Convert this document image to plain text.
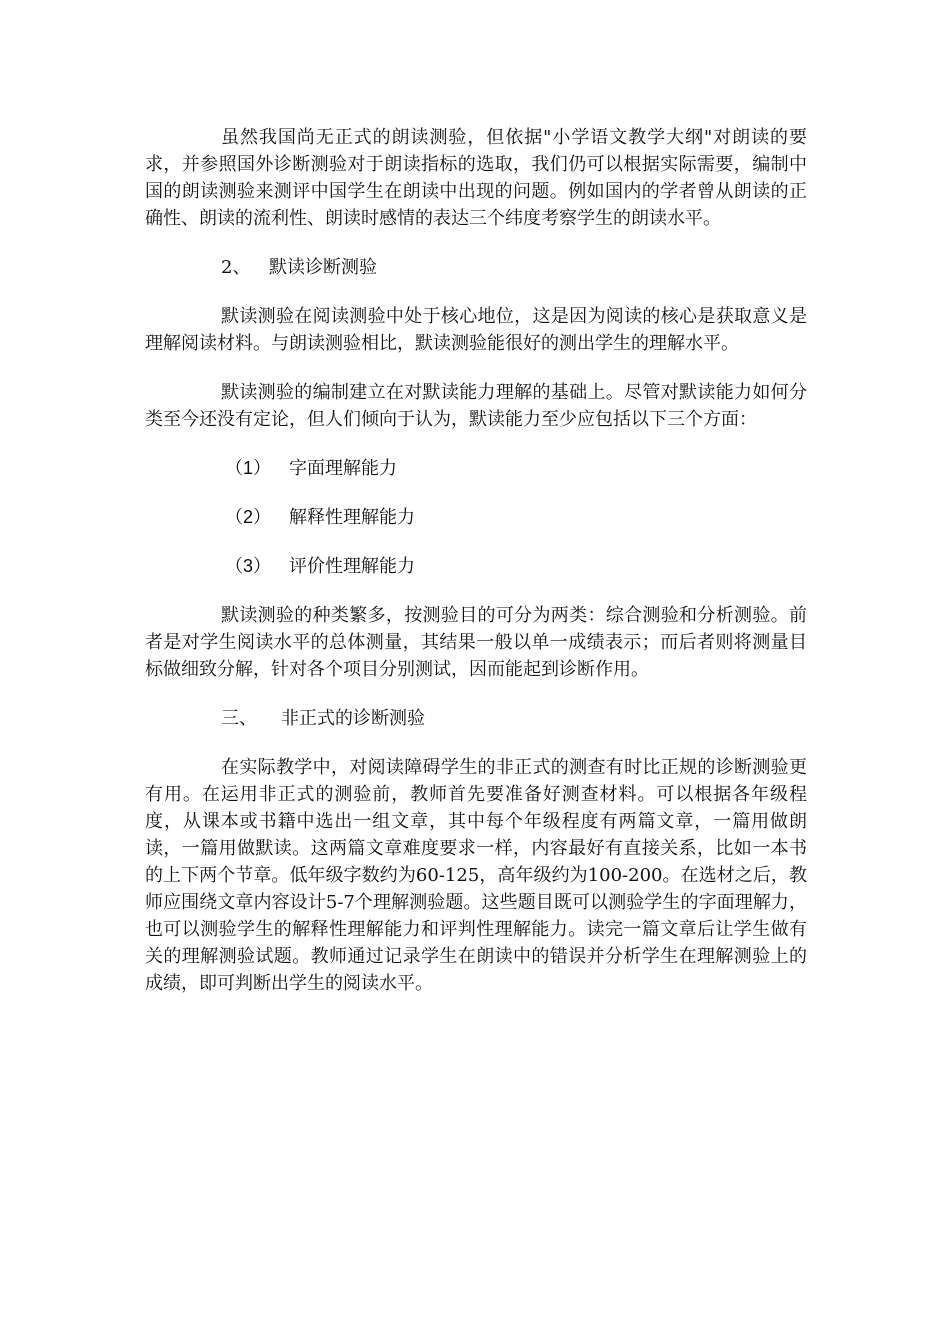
虽然我国尚无正式的朗读测验，但依据"小学语文教学大纲"对朗读的要求，并参照国外诊断测验对于朗读指标的选取，我们仍可以根据实际需要，编制中国的朗读测验来测评中国学生在朗读中出现的问题。例如国内的学者曾从朗读的正确性、朗读的流利性、朗读时感情的表达三个纬度考察学生的朗读水平。

2、	默读诊断测验

默读测验在阅读测验中处于核心地位，这是因为阅读的核心是获取意义是理解阅读材料。与朗读测验相比，默读测验能很好的测出学生的理解水平。

默读测验的编制建立在对默读能力理解的基础上。尽管对默读能力如何分类至今还没有定论，但人们倾向于认为，默读能力至少应包括以下三个方面：

（1） 字面理解能力
（2） 解释性理解能力
（3） 评价性理解能力

默读测验的种类繁多，按测验目的可分为两类：综合测验和分析测验。前者是对学生阅读水平的总体测量，其结果一般以单一成绩表示；而后者则将测量目标做细致分解，针对各个项目分别测试，因而能起到诊断作用。

三、	非正式的诊断测验

在实际教学中，对阅读障碍学生的非正式的测查有时比正规的诊断测验更有用。在运用非正式的测验前，教师首先要准备好测查材料。可以根据各年级程度，从课本或书籍中选出一组文章，其中每个年级程度有两篇文章，一篇用做朗读，一篇用做默读。这两篇文章难度要求一样，内容最好有直接关系，比如一本书的上下两个节章。低年级字数约为60-125，高年级约为100-200。在选材之后，教师应围绕文章内容设计5-7个理解测验题。这些题目既可以测验学生的字面理解力，也可以测验学生的解释性理解能力和评判性理解能力。读完一篇文章后让学生做有关的理解测验试题。教师通过记录学生在朗读中的错误并分析学生在理解测验上的成绩，即可判断出学生的阅读水平。
